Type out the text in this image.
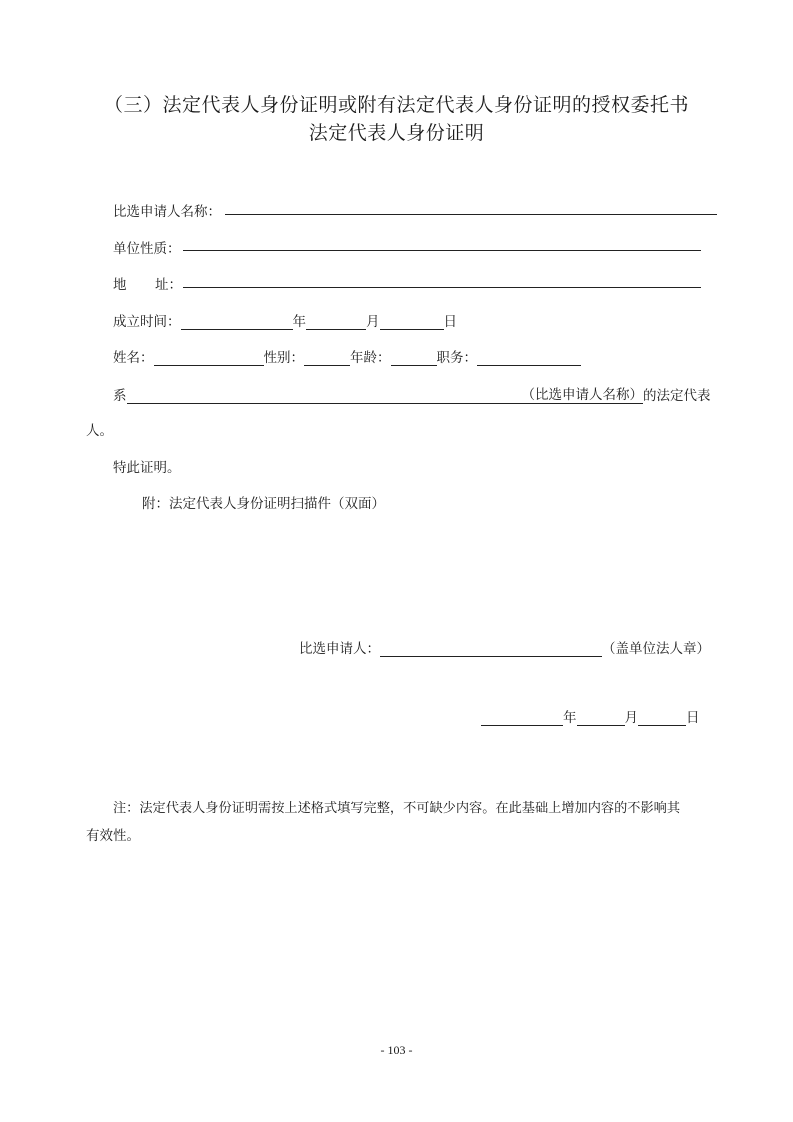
（三）法定代表人身份证明或附有法定代表人身份证明的授权委托书
法定代表人身份证明
比选申请人名称：
单位性质：
地 址：
成立时间：	年	月	日
姓名：	性别：	年龄：	职务：
系	（比选申请人名称） 的法定代表
人。
特此证明。
附：法定代表人身份证明扫描件（双面）
比选申请人：	（盖单位法人章）
年	月	日
注：法定代表人身份证明需按上述格式填写完整，不可缺少内容。在此基础上增加内容的不影响其
有效性。
- 103 -
